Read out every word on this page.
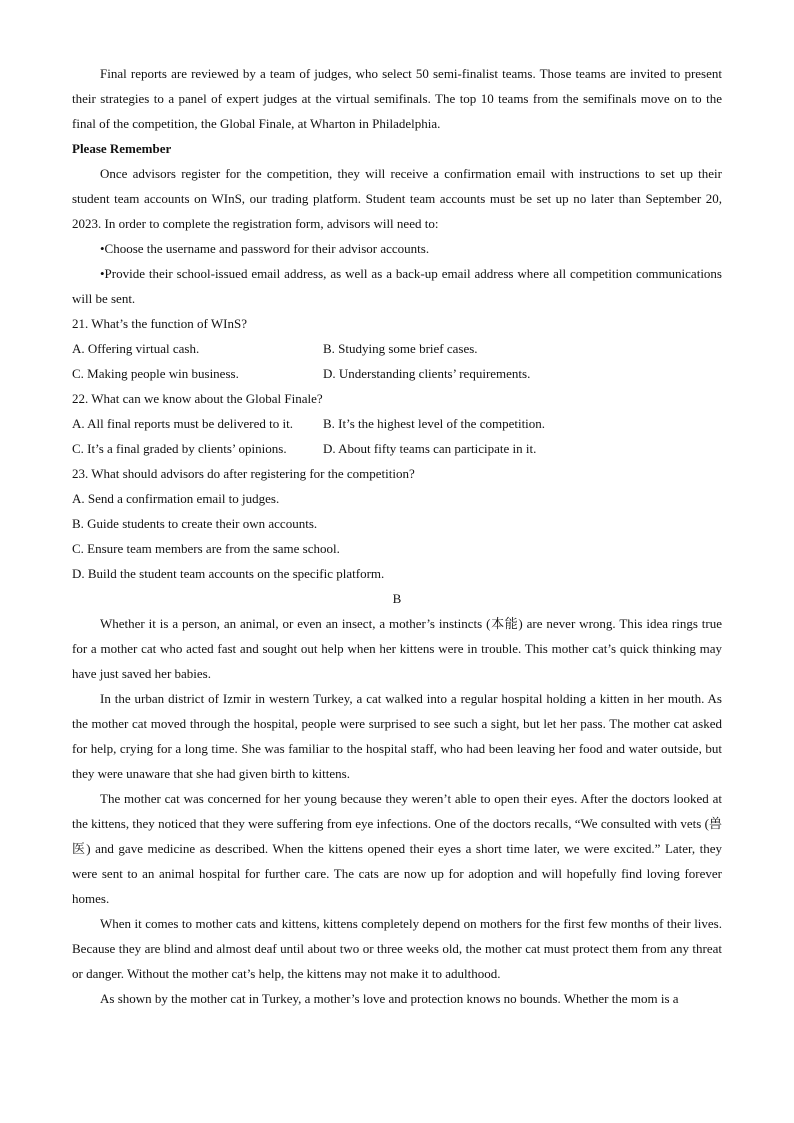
Final reports are reviewed by a team of judges, who select 50 semi-finalist teams. Those teams are invited to present their strategies to a panel of expert judges at the virtual semifinals. The top 10 teams from the semifinals move on to the final of the competition, the Global Finale, at Wharton in Philadelphia.

Please Remember

Once advisors register for the competition, they will receive a confirmation email with instructions to set up their student team accounts on WInS, our trading platform. Student team accounts must be set up no later than September 20, 2023. In order to complete the registration form, advisors will need to:

•Choose the username and password for their advisor accounts.

•Provide their school-issued email address, as well as a back-up email address where all competition communications will be sent.

21. What’s the function of WInS?

A. Offering virtual cash.	B. Studying some brief cases.
C. Making people win business.	D. Understanding clients’ requirements.

22. What can we know about the Global Finale?

A. All final reports must be delivered to it.	B. It’s the highest level of the competition.
C. It’s a final graded by clients’ opinions.	D. About fifty teams can participate in it.

23. What should advisors do after registering for the competition?

A. Send a confirmation email to judges.

B. Guide students to create their own accounts.

C. Ensure team members are from the same school.

D. Build the student team accounts on the specific platform.

B

Whether it is a person, an animal, or even an insect, a mother’s instincts (本能) are never wrong. This idea rings true for a mother cat who acted fast and sought out help when her kittens were in trouble. This mother cat’s quick thinking may have just saved her babies.

In the urban district of Izmir in western Turkey, a cat walked into a regular hospital holding a kitten in her mouth. As the mother cat moved through the hospital, people were surprised to see such a sight, but let her pass. The mother cat asked for help, crying for a long time. She was familiar to the hospital staff, who had been leaving her food and water outside, but they were unaware that she had given birth to kittens.

The mother cat was concerned for her young because they weren’t able to open their eyes. After the doctors looked at the kittens, they noticed that they were suffering from eye infections. One of the doctors recalls, “We consulted with vets (兽医) and gave medicine as described. When the kittens opened their eyes a short time later, we were excited.” Later, they were sent to an animal hospital for further care. The cats are now up for adoption and will hopefully find loving forever homes.

When it comes to mother cats and kittens, kittens completely depend on mothers for the first few months of their lives. Because they are blind and almost deaf until about two or three weeks old, the mother cat must protect them from any threat or danger. Without the mother cat’s help, the kittens may not make it to adulthood.

As shown by the mother cat in Turkey, a mother’s love and protection knows no bounds. Whether the mom is a
